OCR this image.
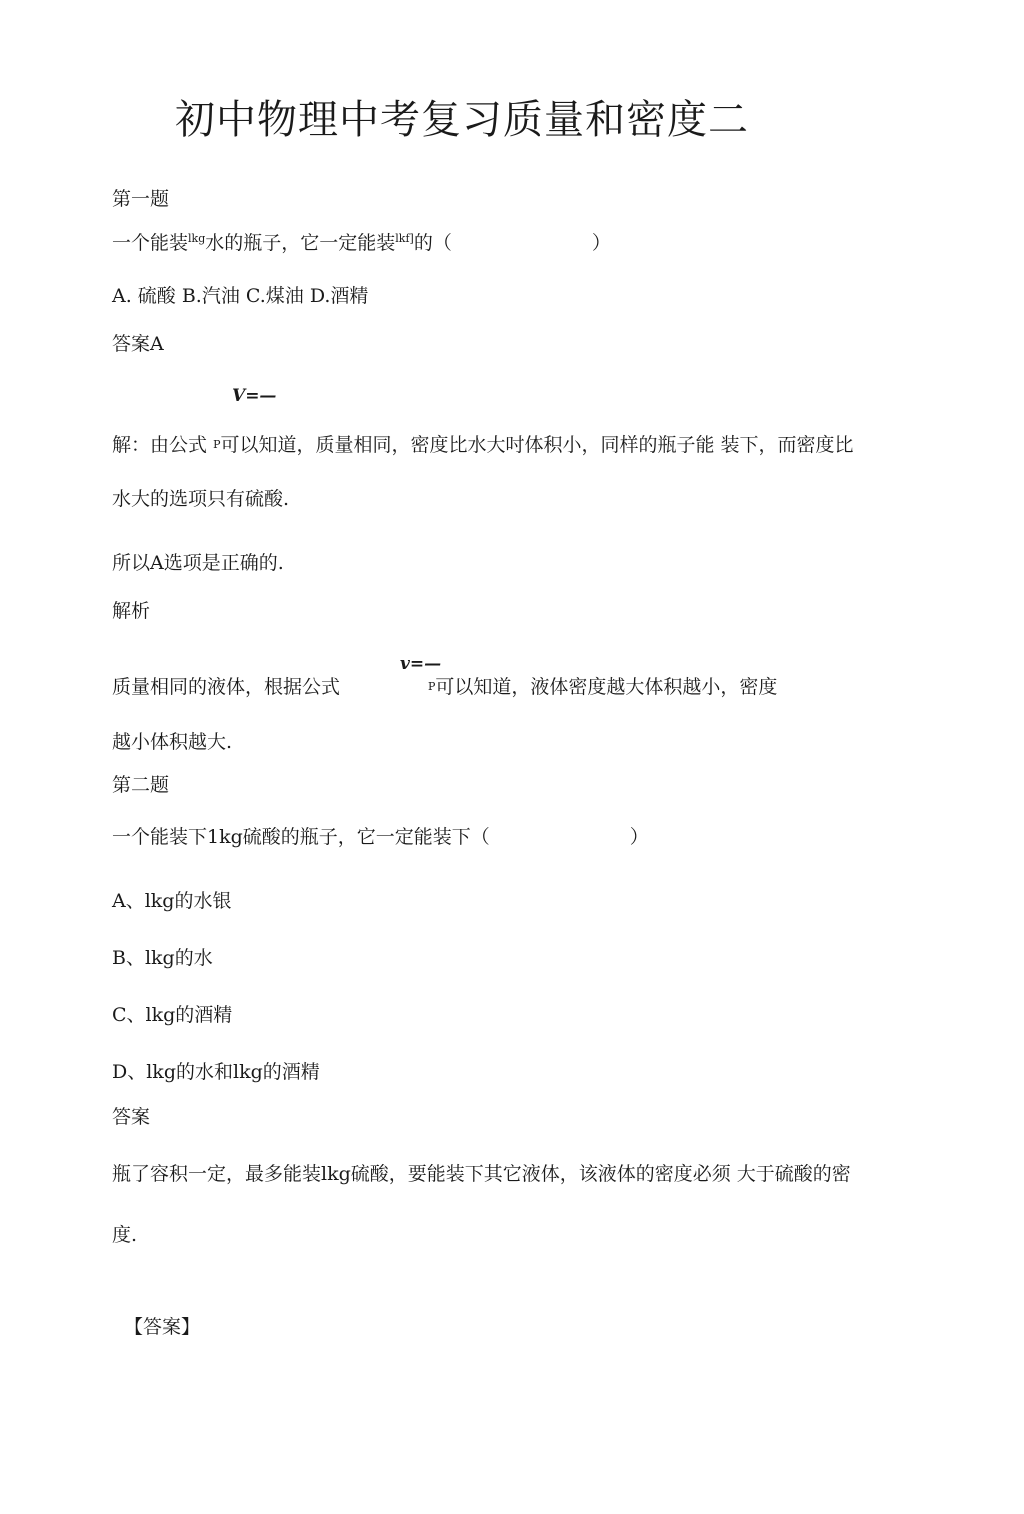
初中物理中考复习质量和密度二
第一题
一个能装$^{lkg}$水的瓶子，它一定能装$^{lkf]}$的（	）
A. 硫酸 B.汽油 C.煤油 D.酒精
答案A
V=—
解：由公式 P可以知道，质量相同，密度比水大吋体积小，同样的瓶子能 装下，而密度比
水大的选项只有硫酸.
所以A选项是正确的.
解析
v=—
质量相同的液体，根据公式	P可以知道，液体密度越大体积越小，密度
越小体积越大.
第二题
一个能装下1kg硫酸的瓶子，它一定能装下（	）
A、lkg的水银
B、lkg的水
C、lkg的酒精
D、lkg的水和lkg的酒精
答案
瓶了容积一定，最多能装lkg硫酸，要能装下其它液体，该液体的密度必须 大于硫酸的密
度.
【答案】
